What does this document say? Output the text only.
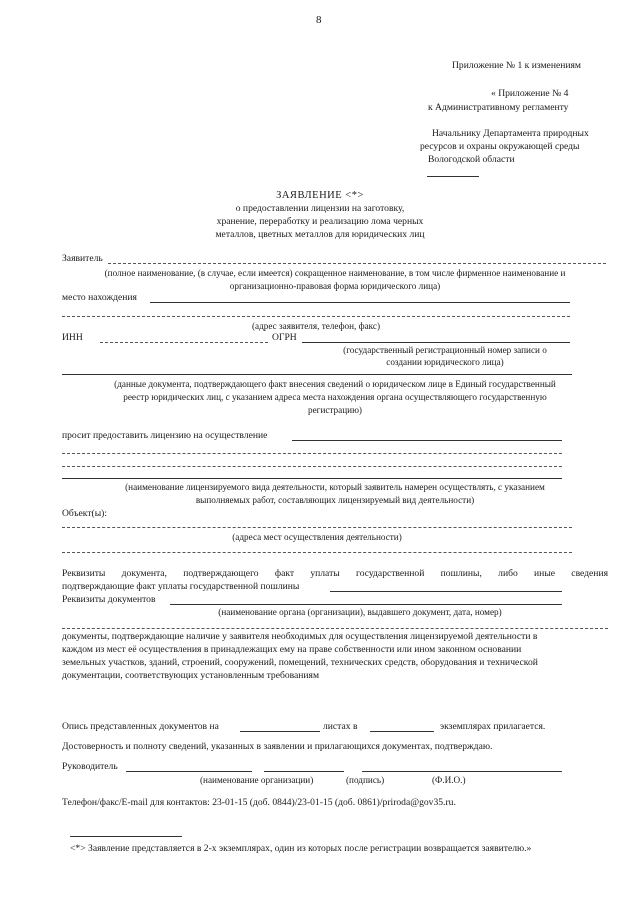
8
Приложение № 1 к изменениям
« Приложение № 4
к Административному регламенту
Начальнику Департамента природных
ресурсов и охраны окружающей среды
Вологодской области
ЗАЯВЛЕНИЕ <*>
о предоставлении лицензии на заготовку,
хранение, переработку и реализацию лома черных
металлов, цветных металлов для юридических лиц
Заявитель
(полное наименование, (в случае, если имеется) сокращенное наименование, в том числе фирменное наименование и
организационно-правовая форма юридического лица)
место нахождения
(адрес заявителя, телефон, факс)
ИНН	ОГРН
(государственный регистрационный номер записи о
создании юридического лица)
(данные документа, подтверждающего факт внесения сведений о юридическом лице в Единый государственный
реестр юридических лиц, с указанием адреса места нахождения органа осуществляющего государственную
регистрацию)
просит предоставить лицензию на осуществление
(наименование лицензируемого вида деятельности, который заявитель намерен осуществлять, с указанием
выполняемых работ, составляющих лицензируемый вид деятельности)
Объект(ы):
(адреса мест осуществления деятельности)
Реквизиты документа, подтверждающего факт уплаты государственной пошлины, либо иные сведения
подтверждающие факт уплаты государственной пошлины
Реквизиты документов
(наименование органа (организации), выдавшего документ, дата, номер)
документы, подтверждающие наличие у заявителя необходимых для осуществления лицензируемой деятельности в
каждом из мест её осуществления в принадлежащих ему на праве собственности или ином законном основании
земельных участков, зданий, строений, сооружений, помещений, технических средств, оборудования и технической
документации, соответствующих установленным требованиям
Опись представленных документов на	листах в	экземплярах прилагается.
Достоверность и полноту сведений, указанных в заявлении и прилагающихся документах, подтверждаю.
Руководитель
(наименование организации)	(подпись)	(Ф.И.О.)
Телефон/факс/E-mail для контактов: 23-01-15 (доб. 0844)/23-01-15 (доб. 0861)/priroda@gov35.ru.
<*> Заявление представляется в 2-х экземплярах, один из которых после регистрации возвращается заявителю.»
